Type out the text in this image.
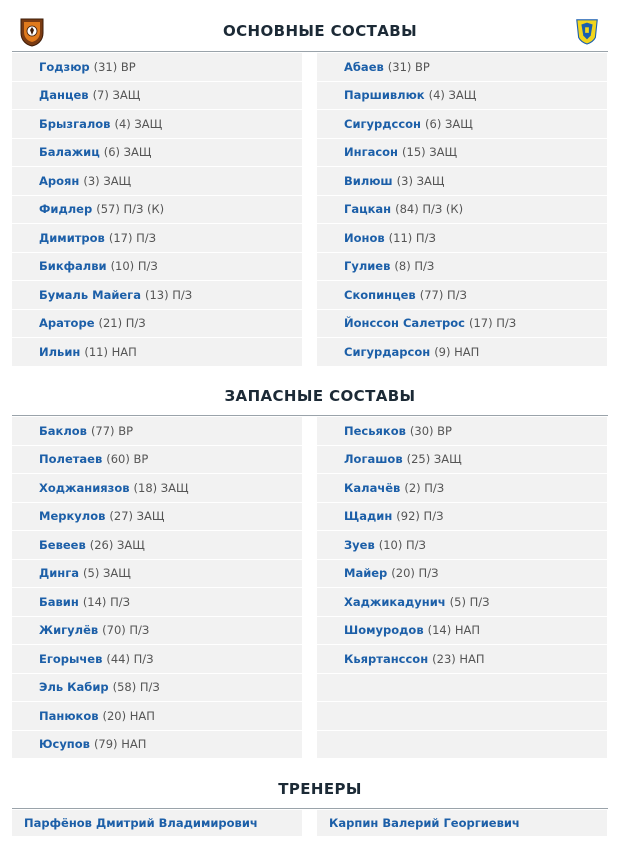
ОСНОВНЫЕ СОСТАВЫ
Годзюр (31) ВР
Данцев (7) ЗАЩ
Брызгалов (4) ЗАЩ
Балажиц (6) ЗАЩ
Ароян (3) ЗАЩ
Фидлер (57) П/З (К)
Димитров (17) П/З
Бикфалви (10) П/З
Бумаль Майега (13) П/З
Араторе (21) П/З
Ильин (11) НАП
Абаев (31) ВР
Паршивлюк (4) ЗАЩ
Сигурдссон (6) ЗАЩ
Ингасон (15) ЗАЩ
Вилюш (3) ЗАЩ
Гацкан (84) П/З (К)
Ионов (11) П/З
Гулиев (8) П/З
Скопинцев (77) П/З
Йонссон Салетрос (17) П/З
Сигурдарсон (9) НАП
ЗАПАСНЫЕ СОСТАВЫ
Баклов (77) ВР
Полетаев (60) ВР
Ходжаниязов (18) ЗАЩ
Меркулов (27) ЗАЩ
Бевеев (26) ЗАЩ
Динга (5) ЗАЩ
Бавин (14) П/З
Жигулёв (70) П/З
Егорычев (44) П/З
Эль Кабир (58) П/З
Панюков (20) НАП
Юсупов (79) НАП
Песьяков (30) ВР
Логашов (25) ЗАЩ
Калачёв (2) П/З
Щадин (92) П/З
Зуев (10) П/З
Майер (20) П/З
Хаджикадунич (5) П/З
Шомуродов (14) НАП
Кьяртанссон (23) НАП
ТРЕНЕРЫ
Парфёнов Дмитрий Владимирович	Карпин Валерий Георгиевич
